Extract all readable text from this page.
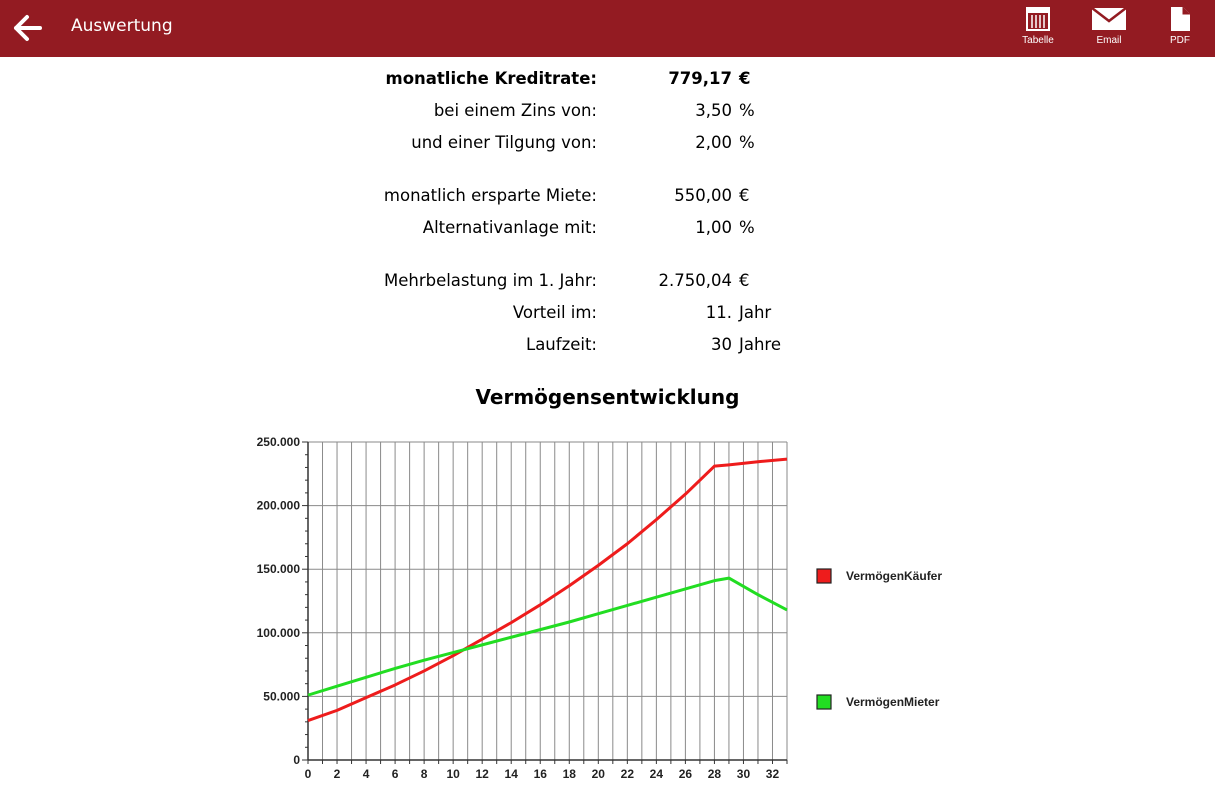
Auswertung
Tabelle	Email	PDF
monatliche Kreditrate:	779,17 €
bei einem Zins von:	3,50 %
und einer Tilgung von:	2,00 %
monatlich ersparte Miete:	550,00 €
Alternativanlage mit:	1,00 %
Mehrbelastung im 1. Jahr:	2.750,04 €
Vorteil im:	11. Jahr
Laufzeit:	30 Jahre
Vermögensentwicklung
0
50.000
100.000
150.000
200.000
250.000
0 2 4 6 8 10 12 14 16 18 20 22 24 26 28 30 32
VermögenKäufer
VermögenMieter
